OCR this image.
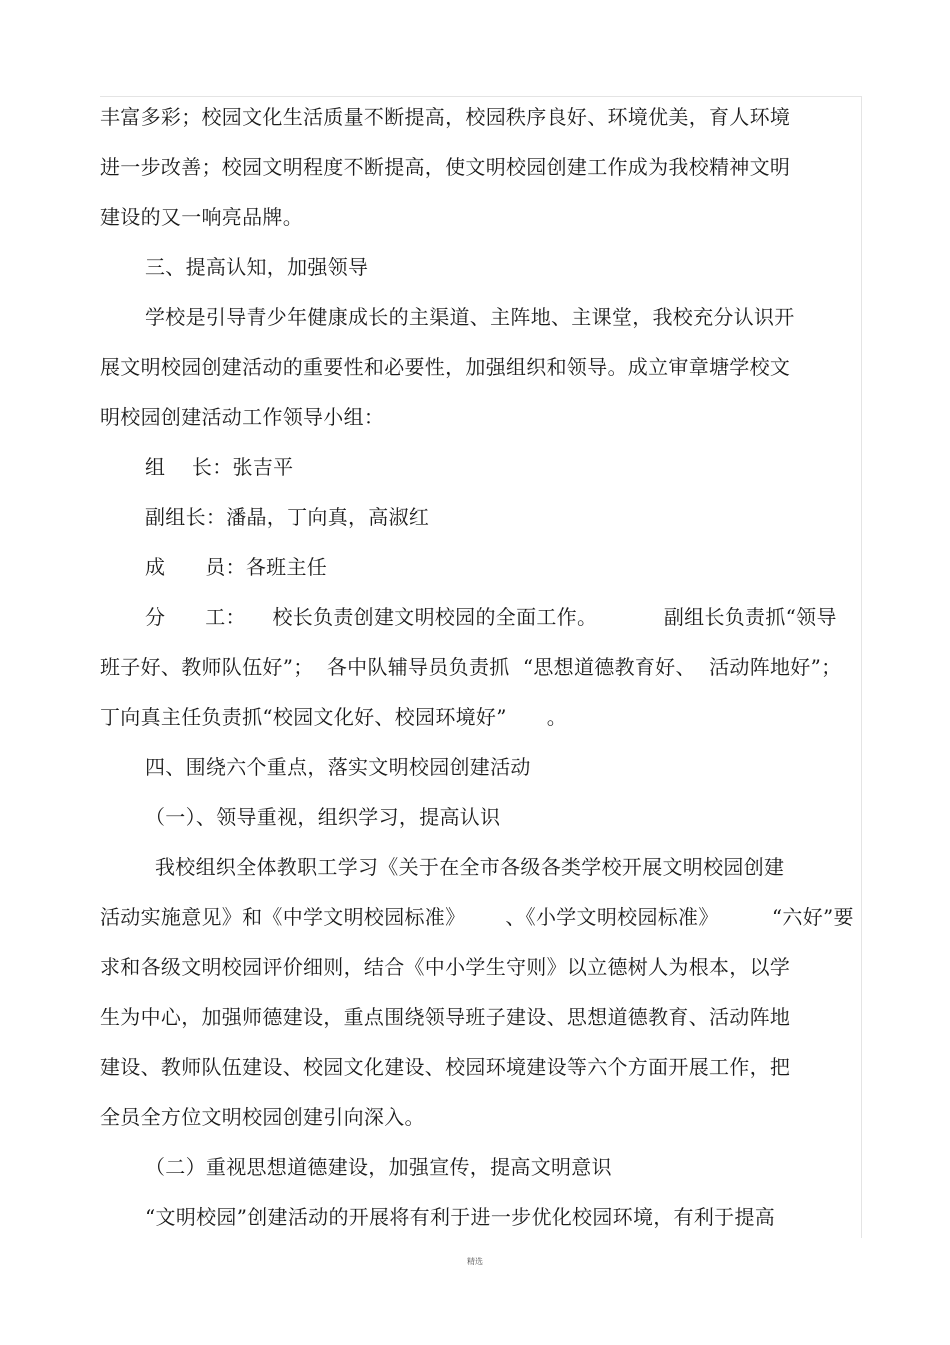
丰富多彩；校园文化生活质量不断提高，校园秩序良好、环境优美，育人环境
进一步改善；校园文明程度不断提高，使文明校园创建工作成为我校精神文明
建设的又一响亮品牌。
三、提高认知，加强领导
学校是引导青少年健康成长的主渠道、主阵地、主课堂，我校充分认识开
展文明校园创建活动的重要性和必要性，加强组织和领导。成立审章塘学校文
明校园创建活动工作领导小组：
组    长：张吉平
副组长：潘晶，丁向真，高淑红
成      员：各班主任
分      工：    校长负责创建文明校园的全面工作。          副组长负责抓“领导
班子好、教师队伍好”；  各中队辅导员负责抓  “思想道德教育好、  活动阵地好”；
丁向真主任负责抓“校园文化好、校园环境好”      。
四、围绕六个重点，落实文明校园创建活动
（一）、领导重视，组织学习，提高认识
我校组织全体教职工学习《关于在全市各级各类学校开展文明校园创建
活动实施意见》和《中学文明校园标准》      、《小学文明校园标准》        “六好”要
求和各级文明校园评价细则，结合《中小学生守则》以立德树人为根本，以学
生为中心，加强师德建设，重点围绕领导班子建设、思想道德教育、活动阵地
建设、教师队伍建设、校园文化建设、校园环境建设等六个方面开展工作，把
全员全方位文明校园创建引向深入。
（二）重视思想道德建设，加强宣传，提高文明意识
“文明校园”创建活动的开展将有利于进一步优化校园环境，有利于提高
精选
